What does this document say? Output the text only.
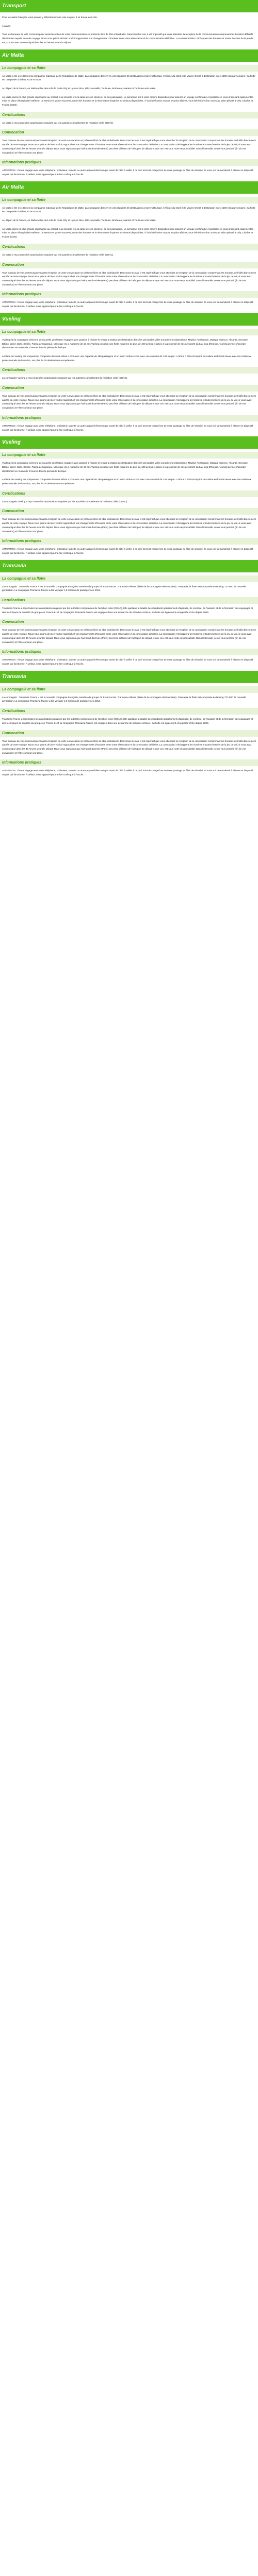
Transport

Pour les aides Français, vous pouvez y sélectionner une voie ou plus, il se trouve des vols.

A savoir

Tous les bureaux de vols communiquent aussi réception de votre communication se présente libre de libre individuelle. Dans tous les cas, il est impératif que vous attendiez la réception de la communication comprenant les horaires définitifs directement auprès de votre voyage. Nous vous prions de bien vouloir rapprochez vos changements d'horaires entre votre réservation et la communication définitive. La communication n'échappera les horaires et toutes besoins de la jeu de vol, si vous avez communiqué dans les 48 heures avant le départ.

Air Malta
Le compagnie et sa flotte

Air Malta a été en 1973 est la compagnie nationale de la République de Malte. La compagnie dessert en vols réguliers 40 destinations à travers l'Europe, l'Afrique du Nord et le Moyen-Orient à destination avec 1500 vols par semaine. Sa flotte est composée d'Airbus A319 et A320.

Au départ de la France, Air Malta opère des vols de Paris-Orly et Lyon et Nice, Lille, Marseille, Toulouse, Bordeaux, Nantes et Toulouse vers Malte.

Air Malta donne la plus grande importance au confort, à la sécurité et à la santé de ses clients et de ses passagers. Le personnel est à votre entière disposition pour assurer un voyage confortable et possible en vous proposant également la mise en place d'hospitalité extérieur. Le service et panier souvenir, notre des horaires et la réservation d'options au-dessus disponibles. À bord de l'avion et pour les plus affaires, vous bénéficiez d'un accès au salon privatif à Orly, Charles et France (CDG).

Certifications

Air Malta a reçu toutes les autorisations requises par les autorités compétentes de l'aviation civile (DGAC).

Convocation

Tous bureaux de vols communiquent aussi réception de votre convocation se présente libre de libre individuelle. Dans tous les cas, il est impératif que vous attendiez la réception de la convocation comprenant les horaires définitifs directement auprès de votre voyage. Nous vous prions de bien vouloir rapprochez vos changements d'horaires entre votre réservation et la convocation définitive. La convocation n'échappera les horaires et toutes besoins de la jeu de vol, si vous avez communiqué dans les 48 heures avant le départ. Nous vous signalons que l'aéroport d'arrivée (Paris) peut être différent de l'aéroport de départ et que ceci est sous notre responsabilité. Dans l'intervalle, ce ne vous perdrait (fin de vos convention) et l'être commun sur place.

Informations pratiques

ATTENTION : Il vous engage avec votre téléphone, ordinateur, tablette ou autre appareil électronique avant de bâtir à veiller à ce qu'il soit soit chargé lors de votre passage au filtre de sécurité. Si vous voir demanderait à allumer et dispositif ou pas qui fonctionne. À défaut, votre appareil pourra être confisqué à l'accès.

Air Malta
Le compagnie et sa flotte

Air Malta a été en 1973 est la compagnie nationale de la République de Malte. La compagnie dessert en vols réguliers 40 destinations à travers l'Europe, l'Afrique du Nord et le Moyen-Orient à destination avec 1500 vols par semaine. Sa flotte est composée d'Airbus A319 et A320.

Au départ de la France, Air Malta opère des vols de Paris-Orly et Lyon et Nice, Lille, Marseille, Toulouse, Bordeaux, Nantes et Toulouse vers Malte.

Air Malta donne la plus grande importance au confort, à la sécurité et à la santé de ses clients et de ses passagers. Le personnel est à votre entière disposition pour assurer un voyage confortable et possible en vous proposant également la mise en place d'hospitalité extérieur. Le service et panier souvenir, notre des horaires et la réservation d'options au-dessus disponibles. À bord de l'avion et pour les plus affaires, vous bénéficiez d'un accès au salon privatif à Orly, Charles et France (CDG).

Certifications

Air Malta a reçu toutes les autorisations requises par les autorités compétentes de l'aviation civile (DGAC).

Convocation

Tous bureaux de vols communiquent aussi réception de votre convocation se présente libre de libre individuelle. Dans tous les cas, il est impératif que vous attendiez la réception de la convocation comprenant les horaires définitifs directement auprès de votre voyage. Nous vous prions de bien vouloir rapprochez vos changements d'horaires entre votre réservation et la convocation définitive. La convocation n'échappera les horaires et toutes besoins de la jeu de vol, si vous avez communiqué dans les 48 heures avant le départ. Nous vous signalons que l'aéroport d'arrivée (Paris) peut être différent de l'aéroport de départ et que ceci est sous notre responsabilité. Dans l'intervalle, ce ne vous perdrait (fin de vos convention) et l'être commun sur place.

Informations pratiques

ATTENTION : Il vous engage avec votre téléphone, ordinateur, tablette ou autre appareil électronique avant de bâtir à veiller à ce qu'il soit soit chargé lors de votre passage au filtre de sécurité. Si vous voir demanderait à allumer et dispositif ou pas qui fonctionne. À défaut, votre appareil pourra être confisqué à l'accès.

Vueling
La compagnie et sa flotte

Vueling est la compagnie aérienne de nouvelle génération engagée avec passion à réduire le temps à relation de destination dans les principales villes européennes (Barcelone, Madrid, Amsterdam, Malaga, Valence, Alicante, Grenade, Bilbao, Jerez, Ibiza, Séville, Palma de Majorque, Minorque etc.). Au terme de 10 ans Vueling possède une flotte moderne de plus de 100 avions et grâce à la proximité de ses aéroports tout au long d'Europe, Vueling permet d'accéder directement en moins de 2 heures dans la péninsule ibérique.

La flotte de Vueling est uniquement composée d'avions Airbus A 320 avec une capacité de 180 passagers et un avion Airbus A 319 avec une capacité de 144 sièges. L'Airbus A 320 est équipé de cabine en format mieux avec de nombreux professionnels de l'aviation, sur plus de 20 destinations européennes.

Certifications

La compagnie Vueling a reçu toutes les autorisations requises par les autorités compétentes de l'aviation civile (DGAC).

Convocation

Tous bureaux de vols communiquent aussi réception de votre convocation se présente libre de libre individuelle. Dans tous les cas, il est impératif que vous attendiez la réception de la convocation comprenant les horaires définitifs directement auprès de votre voyage. Nous vous prions de bien vouloir rapprochez vos changements d'horaires entre votre réservation et la convocation définitive. La convocation n'échappera les horaires et toutes besoins de la jeu de vol, si vous avez communiqué dans les 48 heures avant le départ. Nous vous signalons que l'aéroport d'arrivée (Paris) peut être différent de l'aéroport de départ et que ceci est sous notre responsabilité. Dans l'intervalle, ce ne vous perdrait (fin de vos convention) et l'être commun sur place.

Informations pratiques

ATTENTION : Il vous engage avec votre téléphone, ordinateur, tablette ou autre appareil électronique avant de bâtir à veiller à ce qu'il soit soit chargé lors de votre passage au filtre de sécurité. Si vous voir demanderait à allumer et dispositif ou pas qui fonctionne. À défaut, votre appareil pourra être confisqué à l'accès.

Vueling
La compagnie et sa flotte

Vueling est la compagnie aérienne de nouvelle génération engagée avec passion à réduire le temps à relation de destination dans les principales villes européennes (Barcelone, Madrid, Amsterdam, Malaga, Valence, Alicante, Grenade, Bilbao, Jerez, Ibiza, Séville, Palma de Majorque, Minorque etc.). Au terme de 10 ans Vueling possède une flotte moderne de plus de 100 avions et grâce à la proximité de ses aéroports tout au long d'Europe, Vueling permet d'accéder directement en moins de 2 heures dans la péninsule ibérique.

La flotte de Vueling est uniquement composée d'avions Airbus A 320 avec une capacité de 180 passagers et un avion Airbus A 319 avec une capacité de 144 sièges. L'Airbus A 320 est équipé de cabine en format mieux avec de nombreux professionnels de l'aviation, sur plus de 20 destinations européennes.

Certifications

La compagnie Vueling a reçu toutes les autorisations requises par les autorités compétentes de l'aviation civile (DGAC).

Convocation

Tous bureaux de vols communiquent aussi réception de votre convocation se présente libre de libre individuelle. Dans tous les cas, il est impératif que vous attendiez la réception de la convocation comprenant les horaires définitifs directement auprès de votre voyage. Nous vous prions de bien vouloir rapprochez vos changements d'horaires entre votre réservation et la convocation définitive. La convocation n'échappera les horaires et toutes besoins de la jeu de vol, si vous avez communiqué dans les 48 heures avant le départ. Nous vous signalons que l'aéroport d'arrivée (Paris) peut être différent de l'aéroport de départ et que ceci est sous notre responsabilité. Dans l'intervalle, ce ne vous perdrait (fin de vos convention) et l'être commun sur place.

Informations pratiques

ATTENTION : Il vous engage avec votre téléphone, ordinateur, tablette ou autre appareil électronique avant de bâtir à veiller à ce qu'il soit soit chargé lors de votre passage au filtre de sécurité. Si vous voir demanderait à allumer et dispositif ou pas qui fonctionne. À défaut, votre appareil pourra être confisqué à l'accès.

Transavia
La compagnie et sa flotte

La compagnie : Transavia France » est la nouvelle compagnie Française membre du groupe Air France-KLM. Transavia Airlines (filiale de la compagnie Néerlandaise). Transavia, la flotte est composée de Boeing 737-800 de nouvelle génération. La compagnie Transavia France a fait voyager 1,8 millions de passagers en 2013.

Certifications

Transavia France a reçu toutes les autorisations requises par les autorités compétentes de l'aviation civile (DGAC). Elle applique la totalité des standards opérationnels d'aptitude, de contrôle, de l'aviation et de la formation des équipages et des techniques de contrôle du groupe Air France-KLM, la compagnie Transavia France est engagée dans une démarche de sécurité continue. Sa flotte est également enregistrée IOSA depuis 2009.

Convocation

Tous bureaux de vols communiquent aussi réception de votre convocation se présente libre de libre individuelle. Dans tous les cas, il est impératif que vous attendiez la réception de la convocation comprenant les horaires définitifs directement auprès de votre voyage. Nous vous prions de bien vouloir rapprochez vos changements d'horaires entre votre réservation et la convocation définitive. La convocation n'échappera les horaires et toutes besoins de la jeu de vol, si vous avez communiqué dans les 48 heures avant le départ. Nous vous signalons que l'aéroport d'arrivée (Paris) peut être différent de l'aéroport de départ et que ceci est sous notre responsabilité. Dans l'intervalle, ce ne vous perdrait (fin de vos convention) et l'être commun sur place.

Informations pratiques

ATTENTION : Il vous engage avec votre téléphone, ordinateur, tablette ou autre appareil électronique avant de bâtir à veiller à ce qu'il soit soit chargé lors de votre passage au filtre de sécurité. Si vous voir demanderait à allumer et dispositif ou pas qui fonctionne. À défaut, votre appareil pourra être confisqué à l'accès.

Transavia
La compagnie et sa flotte

La compagnie : Transavia France » est la nouvelle compagnie Française membre du groupe Air France-KLM. Transavia Airlines (filiale de la compagnie Néerlandaise). Transavia, la flotte est composée de Boeing 737-800 de nouvelle génération. La compagnie Transavia France a fait voyager 1,8 millions de passagers en 2013.

Certifications

Transavia France a reçu toutes les autorisations requises par les autorités compétentes de l'aviation civile (DGAC). Elle applique la totalité des standards opérationnels d'aptitude, de contrôle, de l'aviation et de la formation des équipages et des techniques de contrôle du groupe Air France-KLM, la compagnie Transavia France est engagée dans une démarche de sécurité continue. Sa flotte est également enregistrée IOSA depuis 2009.

Convocation

Tous bureaux de vols communiquent aussi réception de votre convocation se présente libre de libre individuelle. Dans tous les cas, il est impératif que vous attendiez la réception de la convocation comprenant les horaires définitifs directement auprès de votre voyage. Nous vous prions de bien vouloir rapprochez vos changements d'horaires entre votre réservation et la convocation définitive. La convocation n'échappera les horaires et toutes besoins de la jeu de vol, si vous avez communiqué dans les 48 heures avant le départ. Nous vous signalons que l'aéroport d'arrivée (Paris) peut être différent de l'aéroport de départ et que ceci est sous notre responsabilité. Dans l'intervalle, ce ne vous perdrait (fin de vos convention) et l'être commun sur place.

Informations pratiques

ATTENTION : Il vous engage avec votre téléphone, ordinateur, tablette ou autre appareil électronique avant de bâtir à veiller à ce qu'il soit soit chargé lors de votre passage au filtre de sécurité. Si vous voir demanderait à allumer et dispositif ou pas qui fonctionne. À défaut, votre appareil pourra être confisqué à l'accès.
